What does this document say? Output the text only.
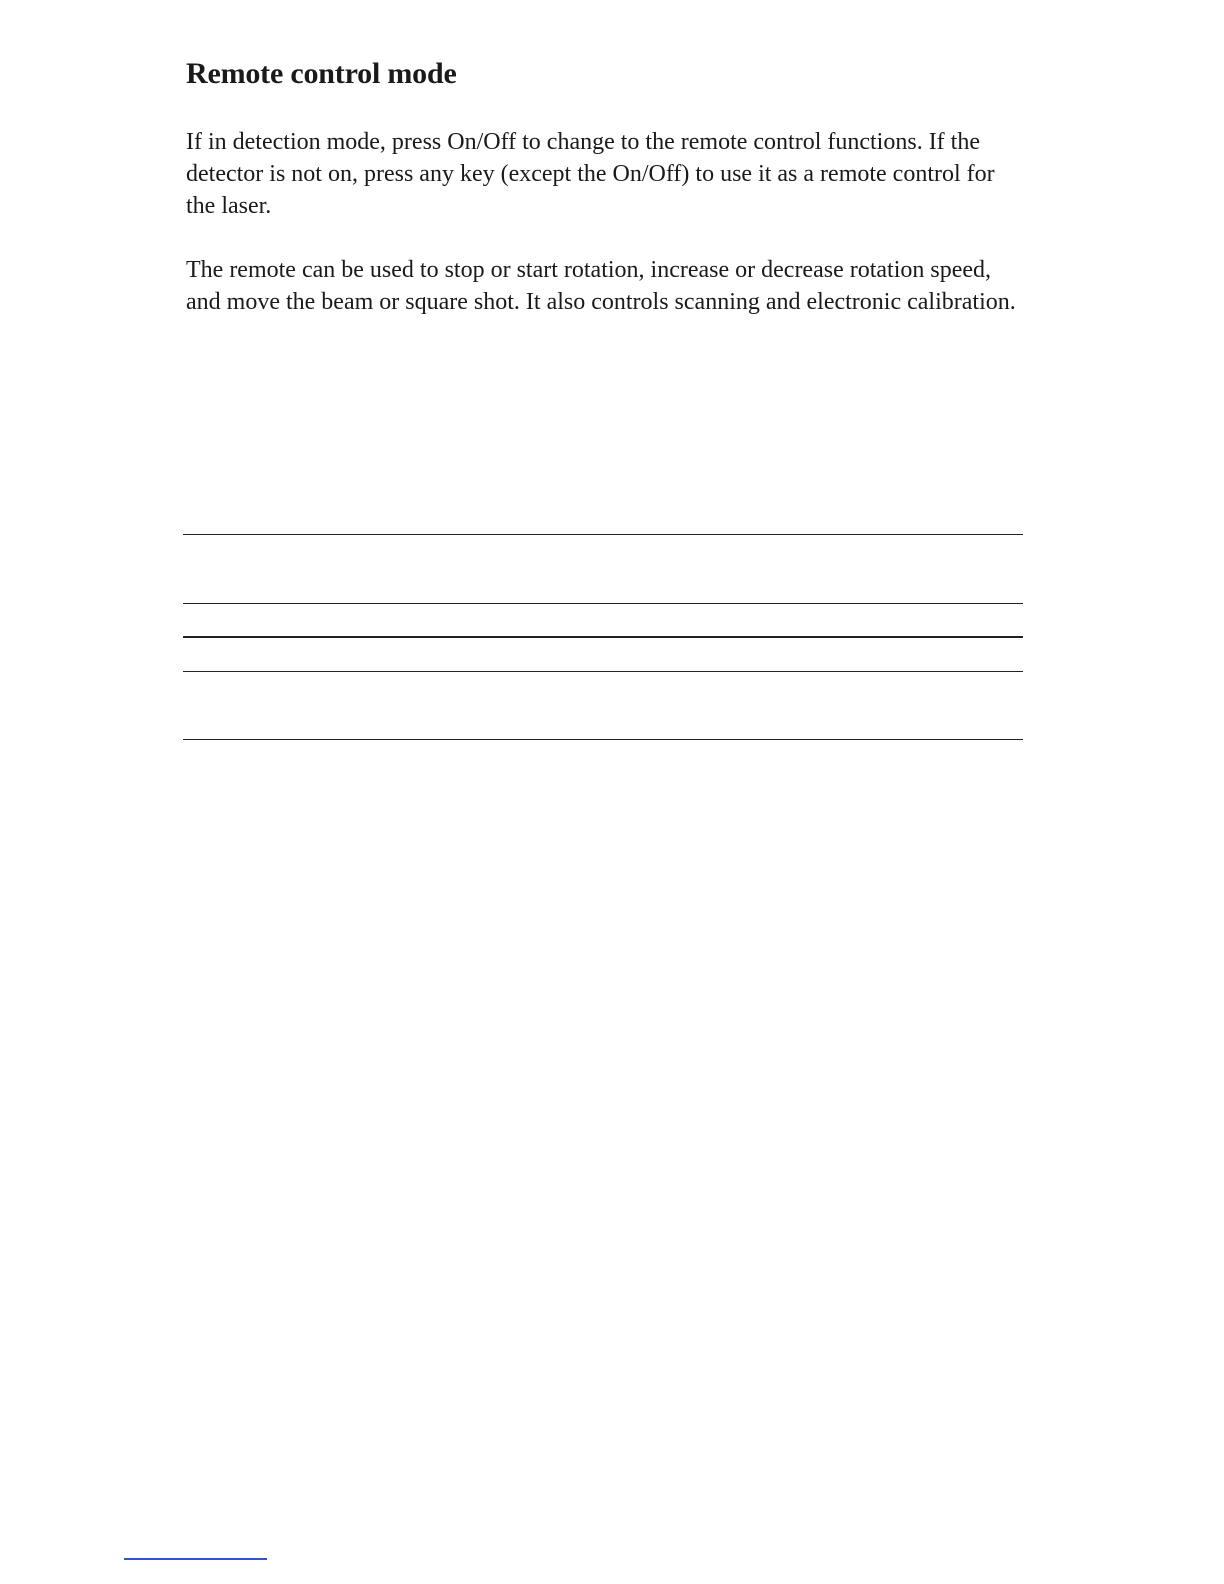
Remote control mode

If in detection mode, press On/Off to change to the remote control functions. If the detector is not on, press any key (except the On/Off) to use it as a remote control for the laser.

The remote can be used to stop or start rotation, increase or decrease rotation speed, and move the beam or square shot. It also controls scanning and electronic calibration.
